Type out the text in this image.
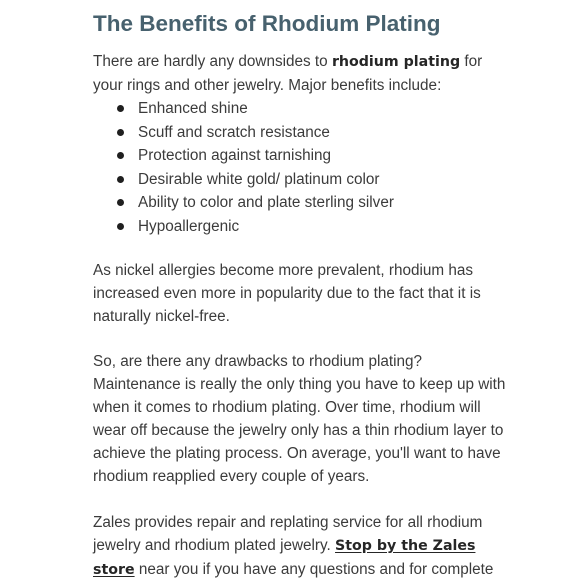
The Benefits of Rhodium Plating

There are hardly any downsides to rhodium plating for your rings and other jewelry. Major benefits include:

Enhanced shine
Scuff and scratch resistance
Protection against tarnishing
Desirable white gold/ platinum color
Ability to color and plate sterling silver
Hypoallergenic

As nickel allergies become more prevalent, rhodium has increased even more in popularity due to the fact that it is naturally nickel-free.

So, are there any drawbacks to rhodium plating? Maintenance is really the only thing you have to keep up with when it comes to rhodium plating. Over time, rhodium will wear off because the jewelry only has a thin rhodium layer to achieve the plating process. On average, you'll want to have rhodium reapplied every couple of years.

Zales provides repair and replating service for all rhodium jewelry and rhodium plated jewelry. Stop by the Zales store near you if you have any questions and for complete
